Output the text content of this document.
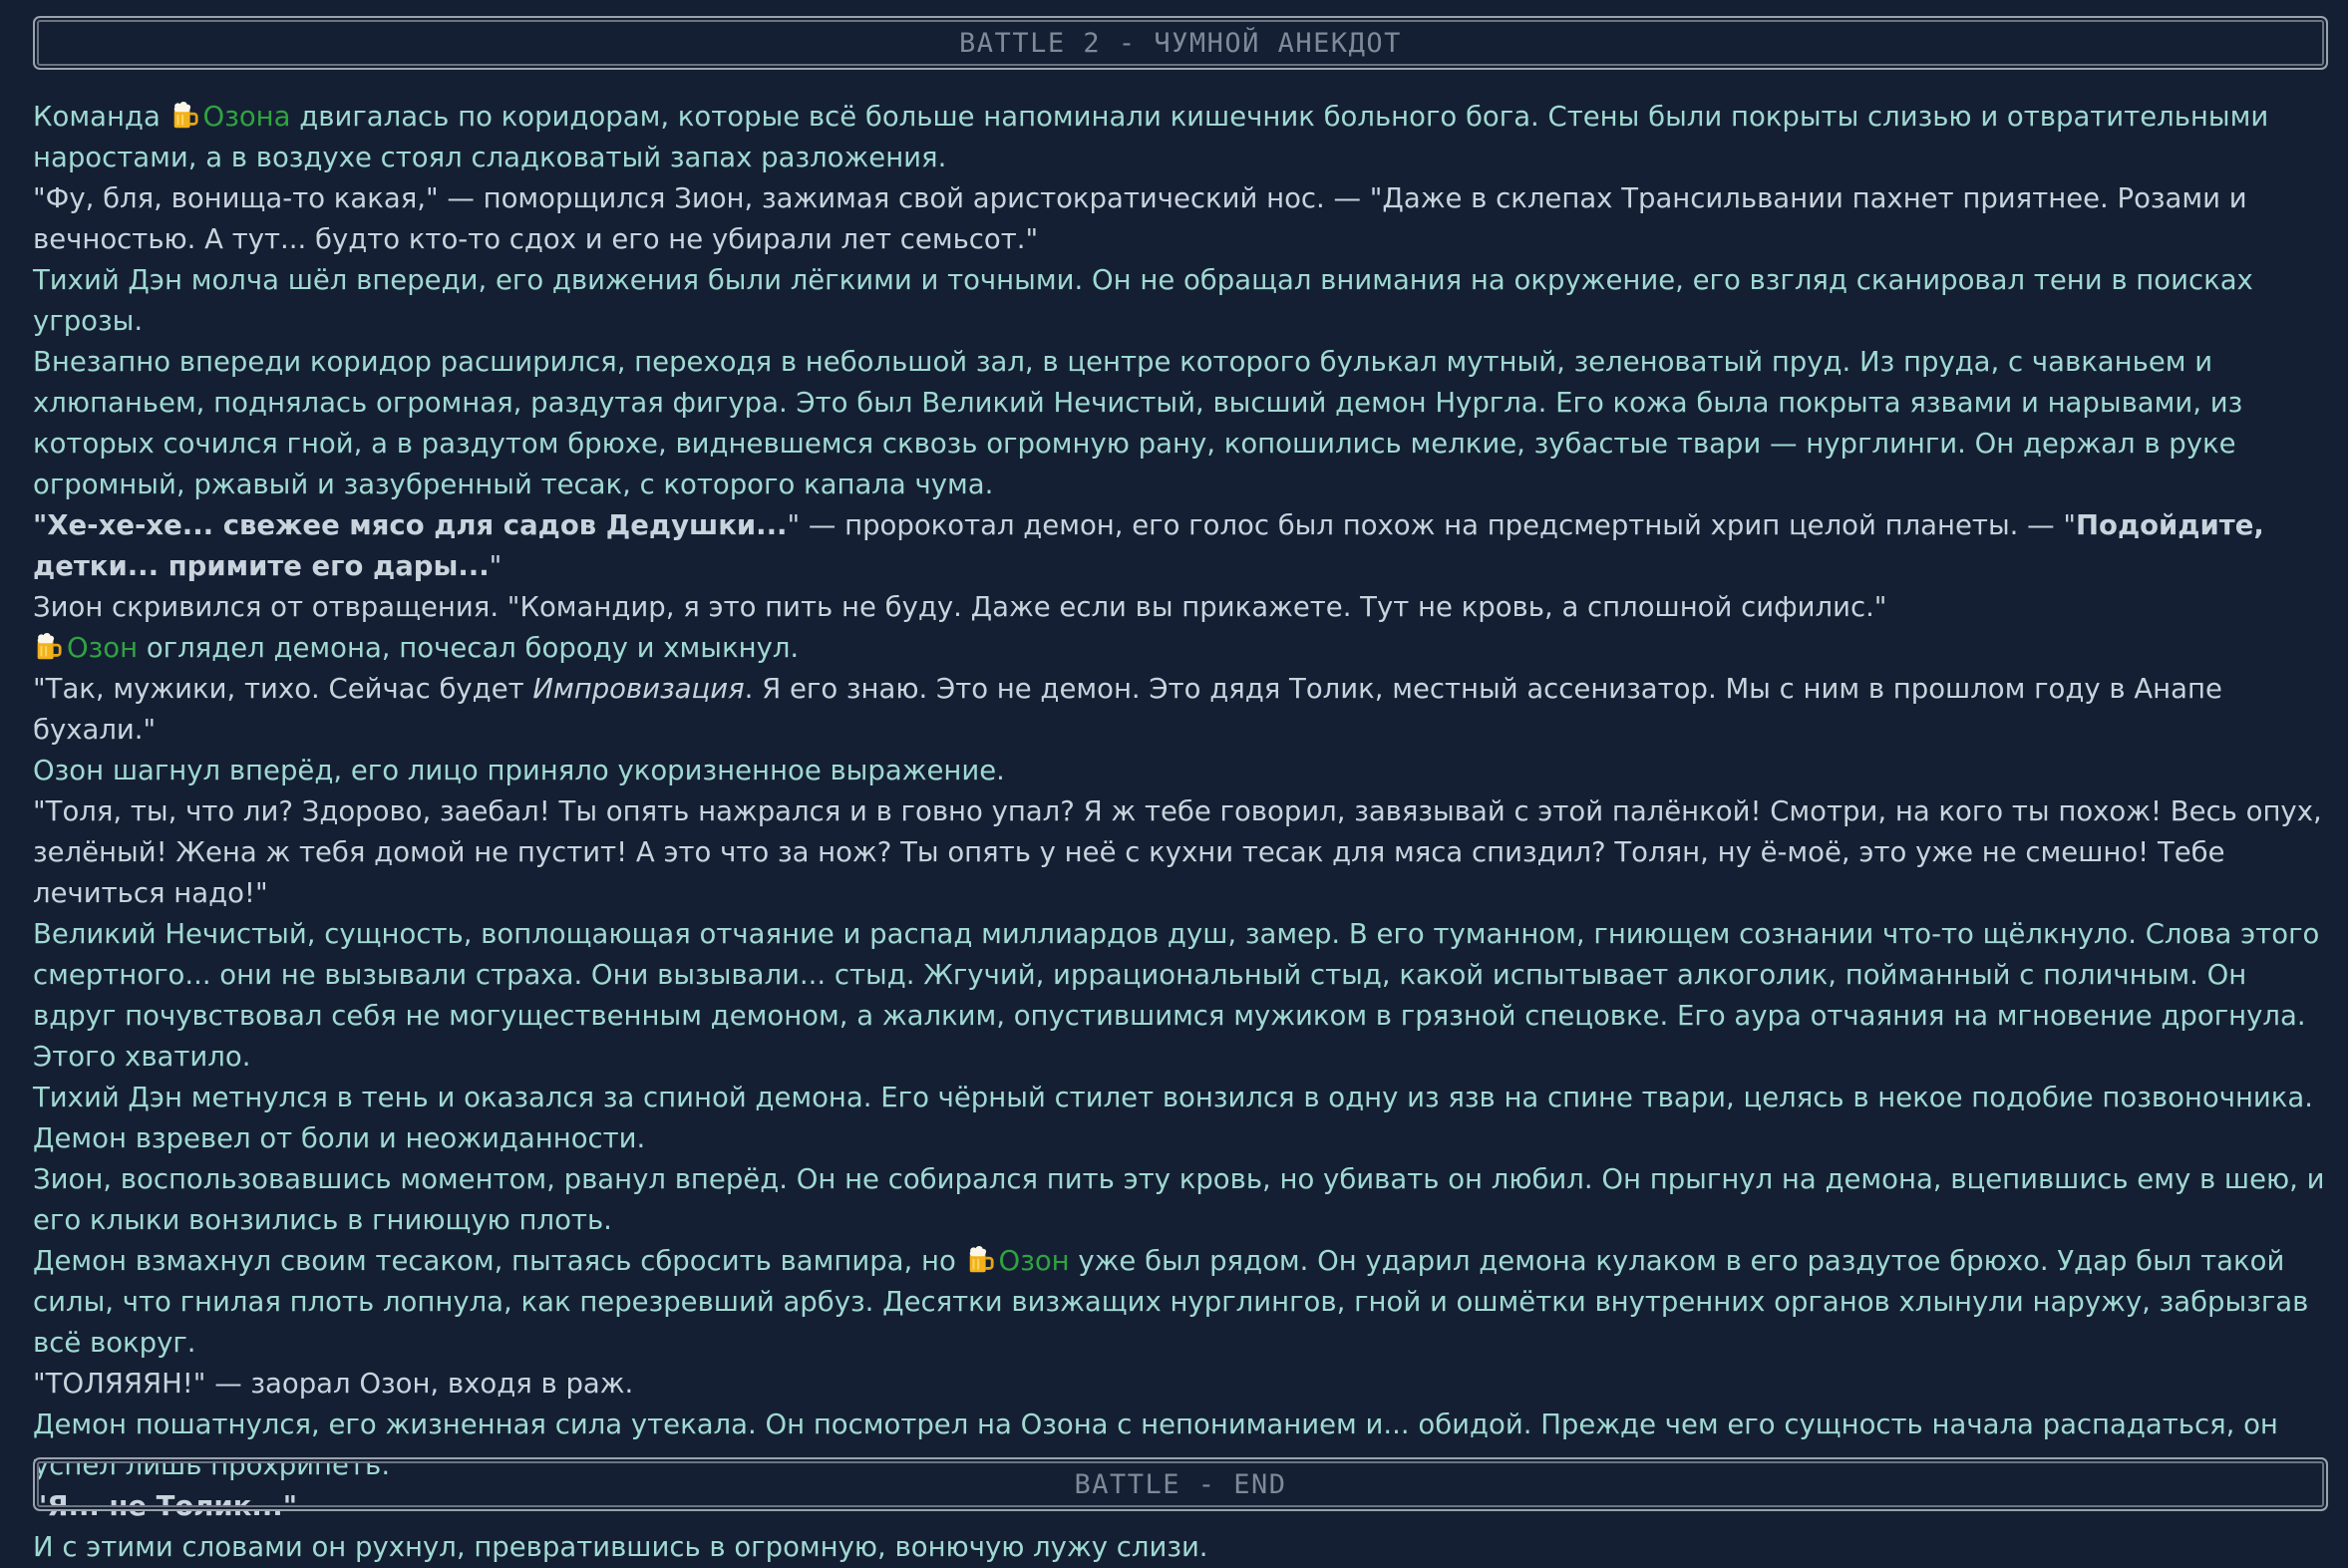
BATTLE 2 - ЧУМНОЙ АНЕКДОТ

Команда Озона двигалась по коридорам, которые всё больше напоминали кишечник больного бога. Стены были покрыты слизью и отвратительными наростами, а в воздухе стоял сладковатый запах разложения.

"Фу, бля, вонища-то какая," — поморщился Зион, зажимая свой аристократический нос. — "Даже в склепах Трансильвании пахнет приятнее. Розами и вечностью. А тут... будто кто-то сдох и его не убирали лет семьсот."

Тихий Дэн молча шёл впереди, его движения были лёгкими и точными. Он не обращал внимания на окружение, его взгляд сканировал тени в поисках угрозы.

Внезапно впереди коридор расширился, переходя в небольшой зал, в центре которого булькал мутный, зеленоватый пруд. Из пруда, с чавканьем и хлюпаньем, поднялась огромная, раздутая фигура. Это был Великий Нечистый, высший демон Нургла. Его кожа была покрыта язвами и нарывами, из которых сочился гной, а в раздутом брюхе, видневшемся сквозь огромную рану, копошились мелкие, зубастые твари — нурглинги. Он держал в руке огромный, ржавый и зазубренный тесак, с которого капала чума.

"Хе-хе-хе... свежее мясо для садов Дедушки..." — пророкотал демон, его голос был похож на предсмертный хрип целой планеты. — "Подойдите, детки... примите его дары..."

Зион скривился от отвращения. "Командир, я это пить не буду. Даже если вы прикажете. Тут не кровь, а сплошной сифилис."

Озон оглядел демона, почесал бороду и хмыкнул.

"Так, мужики, тихо. Сейчас будет Импровизация. Я его знаю. Это не демон. Это дядя Толик, местный ассенизатор. Мы с ним в прошлом году в Анапе бухали."

Озон шагнул вперёд, его лицо приняло укоризненное выражение.

"Толя, ты, что ли? Здорово, заебал! Ты опять нажрался и в говно упал? Я ж тебе говорил, завязывай с этой палёнкой! Смотри, на кого ты похож! Весь опух, зелёный! Жена ж тебя домой не пустит! А это что за нож? Ты опять у неё с кухни тесак для мяса спиздил? Толян, ну ё-моё, это уже не смешно! Тебе лечиться надо!"

Великий Нечистый, сущность, воплощающая отчаяние и распад миллиардов душ, замер. В его туманном, гниющем сознании что-то щёлкнуло. Слова этого смертного... они не вызывали страха. Они вызывали... стыд. Жгучий, иррациональный стыд, какой испытывает алкоголик, пойманный с поличным. Он вдруг почувствовал себя не могущественным демоном, а жалким, опустившимся мужиком в грязной спецовке. Его аура отчаяния на мгновение дрогнула.

Этого хватило.

Тихий Дэн метнулся в тень и оказался за спиной демона. Его чёрный стилет вонзился в одну из язв на спине твари, целясь в некое подобие позвоночника.

Демон взревел от боли и неожиданности.

Зион, воспользовавшись моментом, рванул вперёд. Он не собирался пить эту кровь, но убивать он любил. Он прыгнул на демона, вцепившись ему в шею, и его клыки вонзились в гниющую плоть.

Демон взмахнул своим тесаком, пытаясь сбросить вампира, но Озон уже был рядом. Он ударил демона кулаком в его раздутое брюхо. Удар был такой силы, что гнилая плоть лопнула, как перезревший арбуз. Десятки визжащих нурглингов, гной и ошмётки внутренних органов хлынули наружу, забрызгав всё вокруг.

"ТОЛЯЯЯН!" — заорал Озон, входя в раж.

Демон пошатнулся, его жизненная сила утекала. Он посмотрел на Озона с непониманием и... обидой. Прежде чем его сущность начала распадаться, он успел лишь прохрипеть:

"Я... не Толик..."

И с этими словами он рухнул, превратившись в огромную, вонючую лужу слизи.

BATTLE - END
